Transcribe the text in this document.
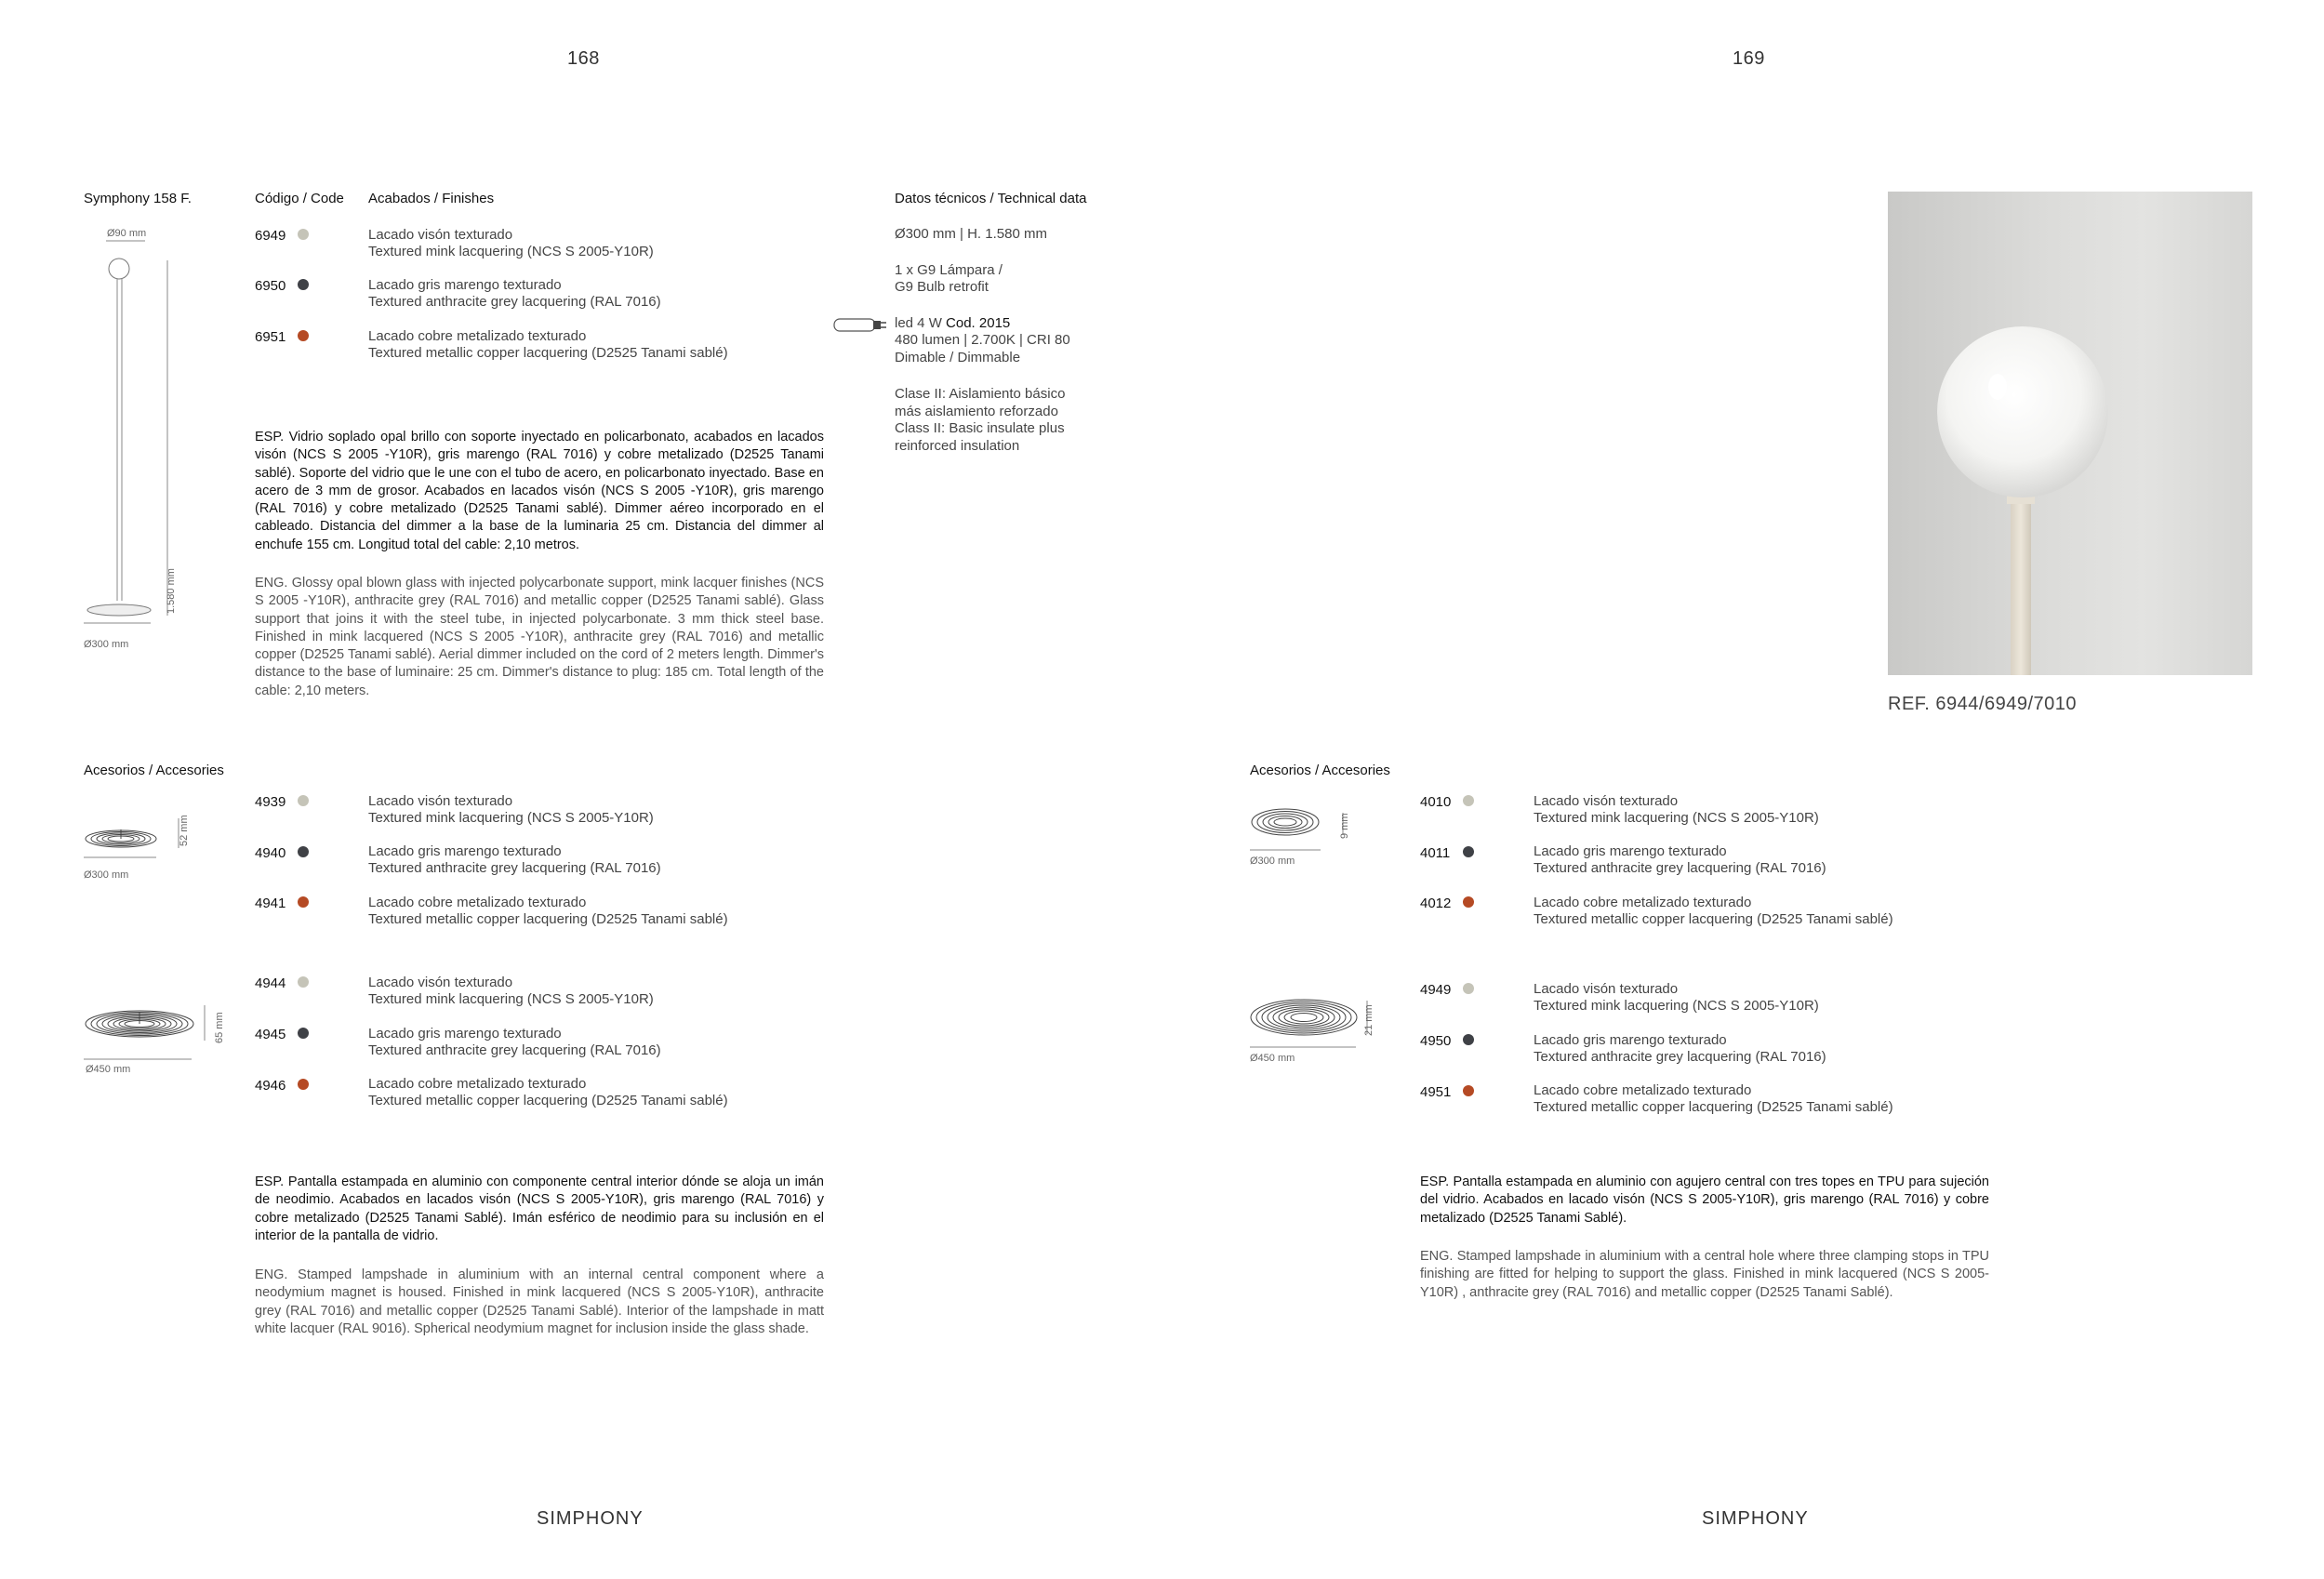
168	169
Symphony 158 F.	Código / Code Acabados / Finishes
Ø90 mm
1.580 mm
Ø300 mm
6949	Lacado visón texturado
Textured mink lacquering (NCS S 2005-Y10R)
6950	Lacado gris marengo texturado
Textured anthracite grey lacquering (RAL 7016)
6951	Lacado cobre metalizado texturado
Textured metallic copper lacquering (D2525 Tanami sablé)

ESP. Vidrio soplado opal brillo con soporte inyectado en policarbonato, acabados en lacados visón (NCS S 2005 -Y10R), gris marengo (RAL 7016) y cobre metalizado (D2525 Tanami sablé). Soporte del vidrio que le une con el tubo de acero, en policarbonato inyectado. Base en acero de 3 mm de grosor. Acabados en lacados visón (NCS S 2005 -Y10R), gris marengo (RAL 7016) y cobre metalizado (D2525 Tanami sablé). Dimmer aéreo incorporado en el cableado. Distancia del dimmer a la base de la luminaria 25 cm. Distancia del dimmer al enchufe 155 cm. Longitud total del cable: 2,10 metros.

ENG. Glossy opal blown glass with injected polycarbonate support, mink lacquer finishes (NCS S 2005 -Y10R), anthracite grey (RAL 7016) and metallic copper (D2525 Tanami sablé). Glass support that joins it with the steel tube, in injected polycarbonate. 3 mm thick steel base. Finished in mink lacquered (NCS S 2005 -Y10R), anthracite grey (RAL 7016) and metallic copper (D2525 Tanami sablé). Aerial dimmer included on the cord of 2 meters length. Dimmer's distance to the base of luminaire: 25 cm. Dimmer's distance to plug: 185 cm. Total length of the cable: 2,10 meters.

Datos técnicos / Technical data
Ø300 mm | H. 1.580 mm
1 x G9 Lámpara /
G9 Bulb retrofit
led 4 W Cod. 2015
480 lumen | 2.700K | CRI 80
Dimable / Dimmable
Clase II: Aislamiento básico
más aislamiento reforzado
Class II: Basic insulate plus
reinforced insulation
Acesorios / Accesories
52 mm
Ø300 mm
4939	Lacado visón texturado
Textured mink lacquering (NCS S 2005-Y10R)
4940	Lacado gris marengo texturado
Textured anthracite grey lacquering (RAL 7016)
4941	Lacado cobre metalizado texturado
Textured metallic copper lacquering (D2525 Tanami sablé)
65 mm
Ø450 mm
4944	Lacado visón texturado
Textured mink lacquering (NCS S 2005-Y10R)
4945	Lacado gris marengo texturado
Textured anthracite grey lacquering (RAL 7016)
4946	Lacado cobre metalizado texturado
Textured metallic copper lacquering (D2525 Tanami sablé)

ESP. Pantalla estampada en aluminio con componente central interior dónde se aloja un imán de neodimio. Acabados en lacados visón (NCS S 2005-Y10R), gris marengo (RAL 7016) y cobre metalizado (D2525 Tanami Sablé). Imán esférico de neodimio para su inclusión en el interior de la pantalla de vidrio.

ENG. Stamped lampshade in aluminium with an internal central component where a neodymium magnet is housed. Finished in mink lacquered (NCS S 2005-Y10R), anthracite grey (RAL 7016) and metallic copper (D2525 Tanami Sablé). Interior of the lampshade in matt white lacquer (RAL 9016). Spherical neodymium magnet for inclusion inside the glass shade.

SIMPHONY
REF. 6944/6949/7010
Acesorios / Accesories
9 mm
Ø300 mm
4010	Lacado visón texturado
Textured mink lacquering (NCS S 2005-Y10R)
4011	Lacado gris marengo texturado
Textured anthracite grey lacquering (RAL 7016)
4012	Lacado cobre metalizado texturado
Textured metallic copper lacquering (D2525 Tanami sablé)
21 mm
Ø450 mm
4949	Lacado visón texturado
Textured mink lacquering (NCS S 2005-Y10R)
4950	Lacado gris marengo texturado
Textured anthracite grey lacquering (RAL 7016)
4951	Lacado cobre metalizado texturado
Textured metallic copper lacquering (D2525 Tanami sablé)

ESP. Pantalla estampada en aluminio con agujero central con tres topes en TPU para sujeción del vidrio. Acabados en lacado visón (NCS S 2005-Y10R), gris marengo (RAL 7016) y cobre metalizado (D2525 Tanami Sablé).

ENG. Stamped lampshade in aluminium with a central hole where three clamping stops in TPU finishing are fitted for helping to support the glass. Finished in mink lacquered (NCS S 2005-Y10R) , anthracite grey (RAL 7016) and metallic copper (D2525 Tanami Sablé).

SIMPHONY
